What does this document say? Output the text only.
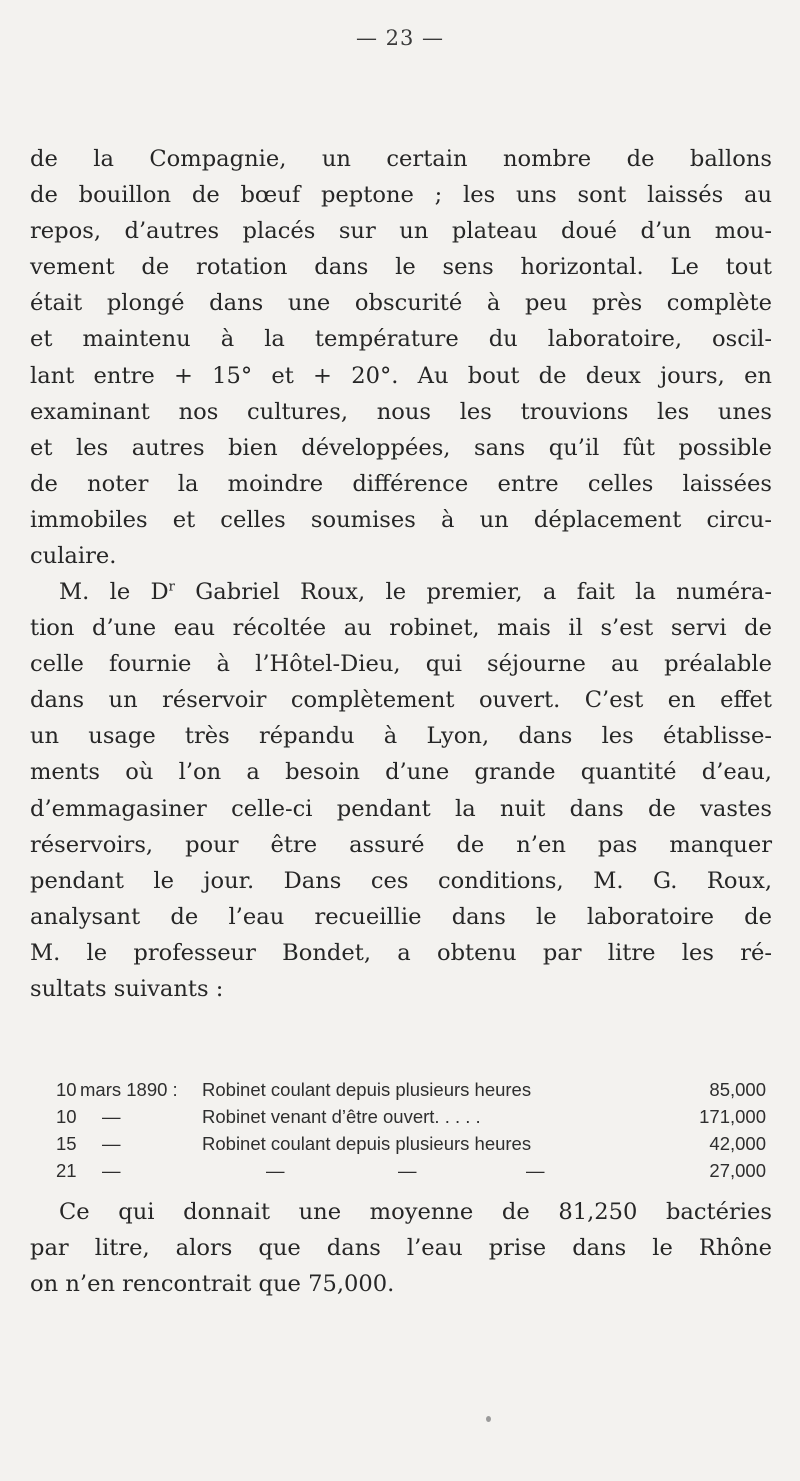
— 23 —

de la Compagnie, un certain nombre de ballons
de bouillon de bœuf peptone ; les uns sont laissés au
repos, d’autres placés sur un plateau doué d’un mou-
vement de rotation dans le sens horizontal. Le tout
était plongé dans une obscurité à peu près complète
et maintenu à la température du laboratoire, oscil-
lant entre + 15° et + 20°. Au bout de deux jours, en
examinant nos cultures, nous les trouvions les unes
et les autres bien développées, sans qu’il fût possible
de noter la moindre différence entre celles laissées
immobiles et celles soumises à un déplacement circu-
culaire.

M. le $D^r$ Gabriel Roux, le premier, a fait la numéra-
tion d’une eau récoltée au robinet, mais il s’est servi de
celle fournie à l’Hôtel-Dieu, qui séjourne au préalable
dans un réservoir complètement ouvert. C’est en effet
un usage très répandu à Lyon, dans les établisse-
ments où l’on a besoin d’une grande quantité d’eau,
d’emmagasiner celle-ci pendant la nuit dans de vastes
réservoirs, pour être assuré de n’en pas manquer
pendant le jour. Dans ces conditions, M. G. Roux,
analysant de l’eau recueillie dans le laboratoire de
M. le professeur Bondet, a obtenu par litre les ré-
sultats suivants :

10 mars 1890 : Robinet coulant depuis plusieurs heures	85,000
10 —	Robinet venant d’être ouvert. . . . .	171,000
15 —	Robinet coulant depuis plusieurs heures	42,000
21 —	—	—	—	27,000

Ce qui donnait une moyenne de 81,250 bactéries
par litre, alors que dans l’eau prise dans le Rhône
on n’en rencontrait que 75,000.
